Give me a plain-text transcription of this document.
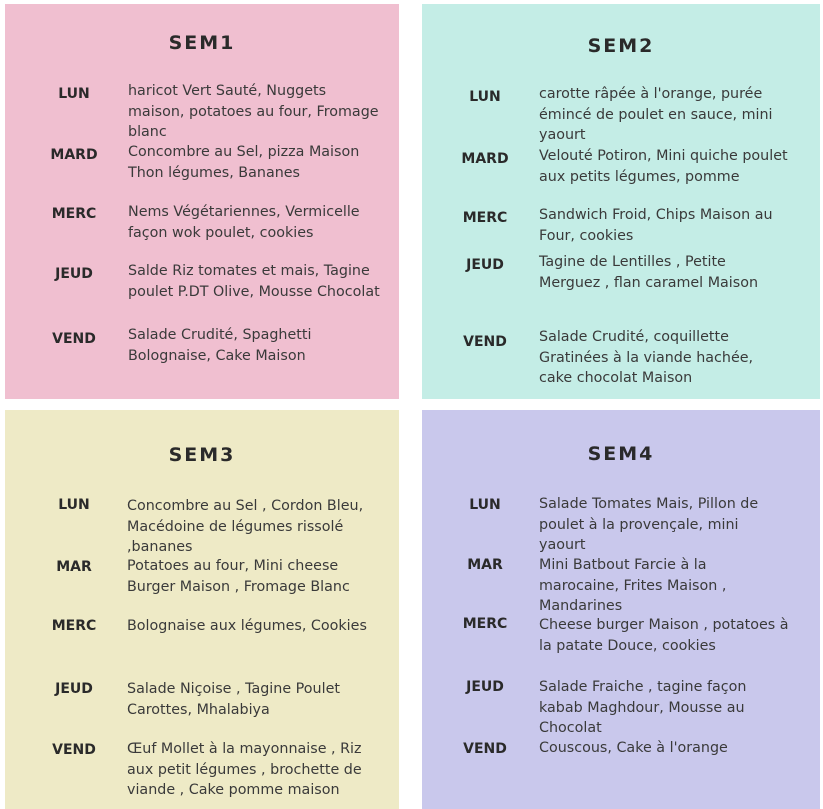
SEM1
LUN	haricot Vert Sauté, Nuggets maison, potatoes au four, Fromage blanc
MARD	Concombre au Sel, pizza Maison Thon légumes, Bananes
MERC	Nems Végétariennes, Vermicelle façon wok poulet, cookies
JEUD	Salde Riz tomates et mais, Tagine poulet P.DT Olive, Mousse Chocolat
VEND	Salade Crudité, Spaghetti Bolognaise, Cake Maison
SEM2
LUN	carotte râpée à l'orange, purée émincé de poulet en sauce, mini yaourt
MARD	Velouté Potiron, Mini quiche poulet aux petits légumes, pomme
MERC	Sandwich Froid, Chips Maison au Four, cookies
JEUD	Tagine de Lentilles , Petite Merguez , flan caramel Maison
VEND	Salade Crudité, coquillette Gratinées à la viande hachée, cake chocolat Maison
SEM3
LUN	Concombre au Sel , Cordon Bleu, Macédoine de légumes rissolé ,bananes
MAR	Potatoes au four, Mini cheese Burger Maison , Fromage Blanc
MERC	Bolognaise aux légumes, Cookies
JEUD	Salade Niçoise , Tagine Poulet Carottes, Mhalabiya
VEND	Œuf Mollet à la mayonnaise , Riz aux petit légumes , brochette de viande , Cake pomme maison
SEM4
LUN	Salade Tomates Mais, Pillon de poulet à la provençale, mini yaourt
MAR	Mini Batbout Farcie à la marocaine, Frites Maison , Mandarines
MERC	Cheese burger Maison , potatoes à la patate Douce, cookies
JEUD	Salade Fraiche , tagine façon kabab Maghdour, Mousse au Chocolat
VEND	Couscous, Cake à l'orange
